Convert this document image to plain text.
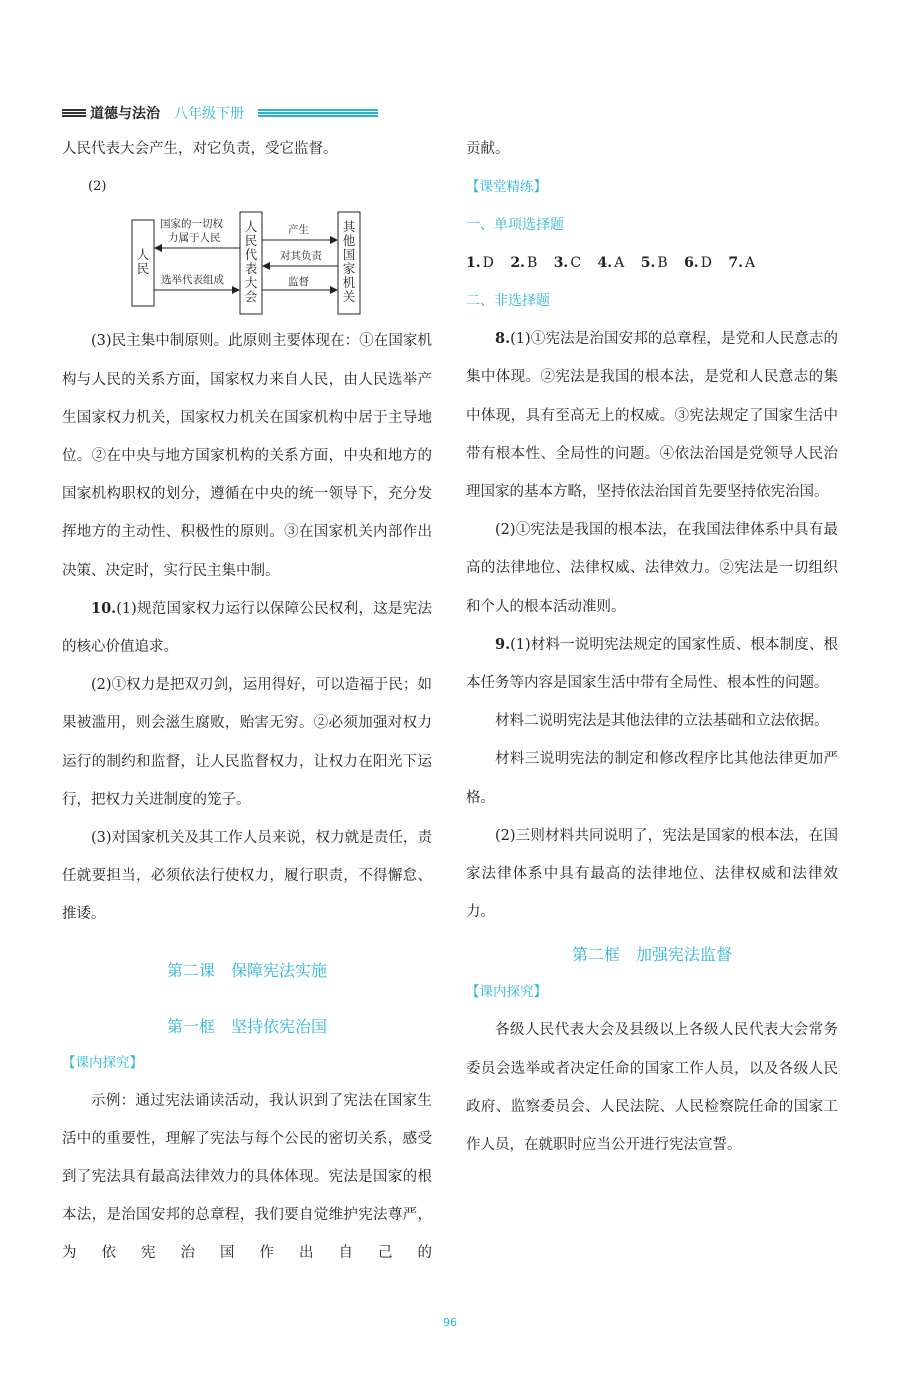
道德与法治 八年级下册

人民代表大会产生，对它负责，受它监督。

(2)

人民
人民代表大会
其他国家机关
国家的一切权
力属于人民
选举代表组成
产生
对其负责
监督

(3)民主集中制原则。此原则主要体现在：①在国家机构与人民的关系方面，国家权力来自人民，由人民选举产生国家权力机关，国家权力机关在国家机构中居于主导地位。②在中央与地方国家机构的关系方面，中央和地方的国家机构职权的划分，遵循在中央的统一领导下，充分发挥地方的主动性、积极性的原则。③在国家机关内部作出决策、决定时，实行民主集中制。

10.(1)规范国家权力运行以保障公民权利，这是宪法的核心价值追求。

(2)①权力是把双刃剑，运用得好，可以造福于民；如果被滥用，则会滋生腐败，贻害无穷。②必须加强对权力运行的制约和监督，让人民监督权力，让权力在阳光下运行，把权力关进制度的笼子。

(3)对国家机关及其工作人员来说，权力就是责任，责任就要担当，必须依法行使权力，履行职责，不得懈怠、推诿。

第二课　保障宪法实施

第一框　坚持依宪治国

【课内探究】

示例：通过宪法诵读活动，我认识到了宪法在国家生活中的重要性，理解了宪法与每个公民的密切关系，感受到了宪法具有最高法律效力的具体体现。宪法是国家的根本法，是治国安邦的总章程，我们要自觉维护宪法尊严，为依宪治国作出自己的

贡献。

【课堂精练】

一、单项选择题

1. D 2. B 3. C 4. A 5. B 6. D 7. A

二、非选择题

8.(1)①宪法是治国安邦的总章程，是党和人民意志的集中体现。②宪法是我国的根本法，是党和人民意志的集中体现，具有至高无上的权威。③宪法规定了国家生活中带有根本性、全局性的问题。④依法治国是党领导人民治理国家的基本方略，坚持依法治国首先要坚持依宪治国。

(2)①宪法是我国的根本法，在我国法律体系中具有最高的法律地位、法律权威、法律效力。②宪法是一切组织和个人的根本活动准则。

9.(1)材料一说明宪法规定的国家性质、根本制度、根本任务等内容是国家生活中带有全局性、根本性的问题。

材料二说明宪法是其他法律的立法基础和立法依据。

材料三说明宪法的制定和修改程序比其他法律更加严格。

(2)三则材料共同说明了，宪法是国家的根本法，在国家法律体系中具有最高的法律地位、法律权威和法律效力。

第二框　加强宪法监督

【课内探究】

各级人民代表大会及县级以上各级人民代表大会常务委员会选举或者决定任命的国家工作人员，以及各级人民政府、监察委员会、人民法院、人民检察院任命的国家工作人员，在就职时应当公开进行宪法宣誓。

96
